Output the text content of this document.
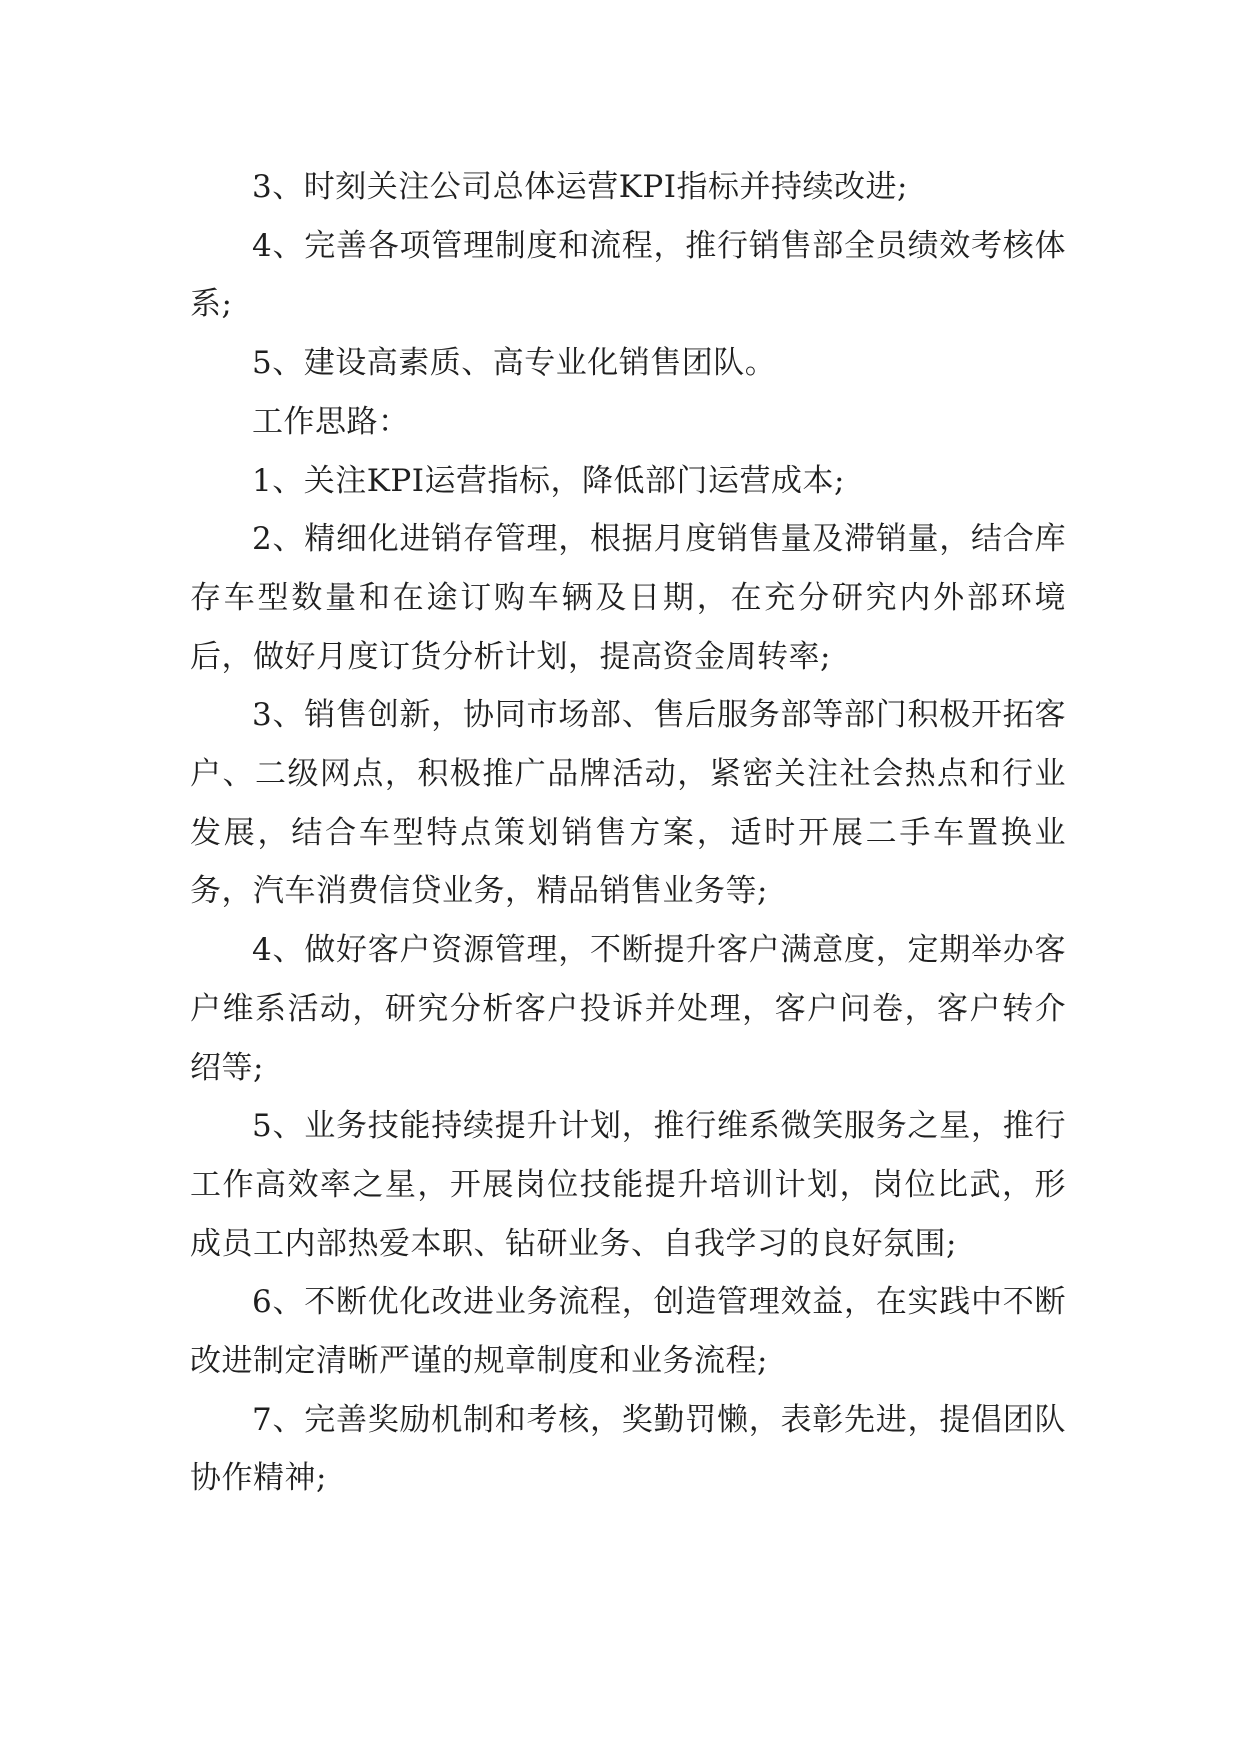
3、时刻关注公司总体运营KPI指标并持续改进;

4、完善各项管理制度和流程，推行销售部全员绩效考核体系;

5、建设高素质、高专业化销售团队。

工作思路：

1、关注KPI运营指标，降低部门运营成本;

2、精细化进销存管理，根据月度销售量及滞销量，结合库存车型数量和在途订购车辆及日期，在充分研究内外部环境后，做好月度订货分析计划，提高资金周转率;

3、销售创新，协同市场部、售后服务部等部门积极开拓客户、二级网点，积极推广品牌活动，紧密关注社会热点和行业发展，结合车型特点策划销售方案，适时开展二手车置换业务，汽车消费信贷业务，精品销售业务等;

4、做好客户资源管理，不断提升客户满意度，定期举办客户维系活动，研究分析客户投诉并处理，客户问卷，客户转介绍等;

5、业务技能持续提升计划，推行维系微笑服务之星，推行工作高效率之星，开展岗位技能提升培训计划，岗位比武，形成员工内部热爱本职、钻研业务、自我学习的良好氛围;

6、不断优化改进业务流程，创造管理效益，在实践中不断改进制定清晰严谨的规章制度和业务流程;

7、完善奖励机制和考核，奖勤罚懒，表彰先进，提倡团队协作精神;
